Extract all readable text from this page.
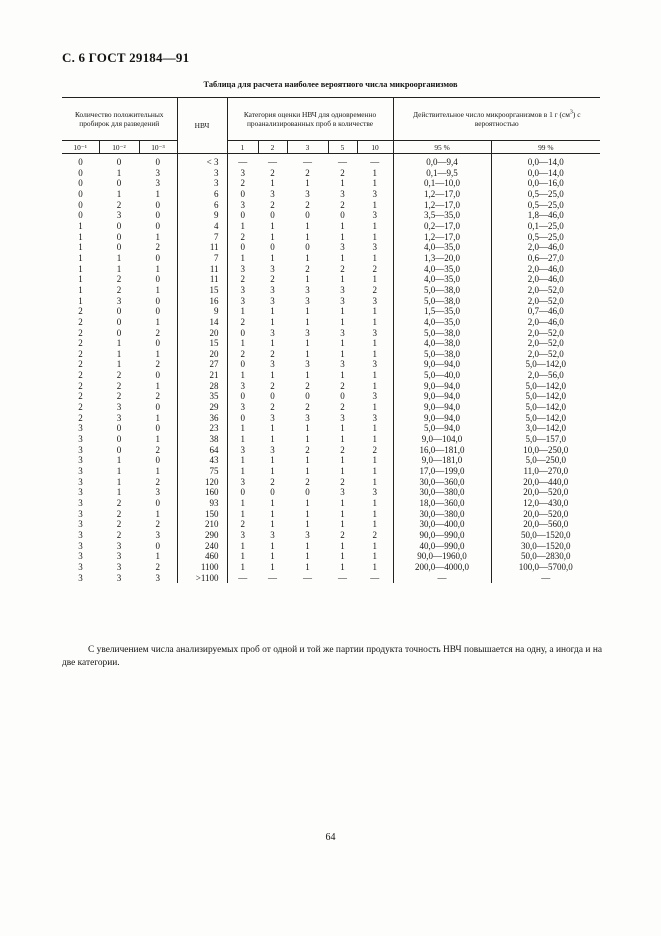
С. 6 ГОСТ 29184—91
Таблица для расчета наиболее вероятного числа микроорганизмов
Количество положительных пробирок для разведений			НВЧ	Категория оценки НВЧ для одновременно проанализированных проб в количестве					Действительное число микроорганизмов в 1 г $(см^3)$ с вероятностью	
10⁻¹	10⁻²	10⁻³		1	2	3	5	10	95 %	99 %
0	0	0	< 3	—	—	—	—	—	0,0—9,4	0,0—14,0
0	1	3	3	3	2	2	2	1	0,1—9,5	0,0—14,0
0	0	3	3	2	1	1	1	1	0,1—10,0	0,0—16,0
0	1	1	6	0	3	3	3	3	1,2—17,0	0,5—25,0
0	2	0	6	3	2	2	2	1	1,2—17,0	0,5—25,0
0	3	0	9	0	0	0	0	3	3,5—35,0	1,8—46,0
1	0	0	4	1	1	1	1	1	0,2—17,0	0,1—25,0
1	0	1	7	2	1	1	1	1	1,2—17,0	0,5—25,0
1	0	2	11	0	0	0	3	3	4,0—35,0	2,0—46,0
1	1	0	7	1	1	1	1	1	1,3—20,0	0,6—27,0
1	1	1	11	3	3	2	2	2	4,0—35,0	2,0—46,0
1	2	0	11	2	2	1	1	1	4,0—35,0	2,0—46,0
1	2	1	15	3	3	3	3	2	5,0—38,0	2,0—52,0
1	3	0	16	3	3	3	3	3	5,0—38,0	2,0—52,0
2	0	0	9	1	1	1	1	1	1,5—35,0	0,7—46,0
2	0	1	14	2	1	1	1	1	4,0—35,0	2,0—46,0
2	0	2	20	0	3	3	3	3	5,0—38,0	2,0—52,0
2	1	0	15	1	1	1	1	1	4,0—38,0	2,0—52,0
2	1	1	20	2	2	1	1	1	5,0—38,0	2,0—52,0
2	1	2	27	0	3	3	3	3	9,0—94,0	5,0—142,0
2	2	0	21	1	1	1	1	1	5,0—40,0	2,0—56,0
2	2	1	28	3	2	2	2	1	9,0—94,0	5,0—142,0
2	2	2	35	0	0	0	0	3	9,0—94,0	5,0—142,0
2	3	0	29	3	2	2	2	1	9,0—94,0	5,0—142,0
2	3	1	36	0	3	3	3	3	9,0—94,0	5,0—142,0
3	0	0	23	1	1	1	1	1	5,0—94,0	3,0—142,0
3	0	1	38	1	1	1	1	1	9,0—104,0	5,0—157,0
3	0	2	64	3	3	2	2	2	16,0—181,0	10,0—250,0
3	1	0	43	1	1	1	1	1	9,0—181,0	5,0—250,0
3	1	1	75	1	1	1	1	1	17,0—199,0	11,0—270,0
3	1	2	120	3	2	2	2	1	30,0—360,0	20,0—440,0
3	1	3	160	0	0	0	3	3	30,0—380,0	20,0—520,0
3	2	0	93	1	1	1	1	1	18,0—360,0	12,0—430,0
3	2	1	150	1	1	1	1	1	30,0—380,0	20,0—520,0
3	2	2	210	2	1	1	1	1	30,0—400,0	20,0—560,0
3	2	3	290	3	3	3	2	2	90,0—990,0	50,0—1520,0
3	3	0	240	1	1	1	1	1	40,0—990,0	30,0—1520,0
3	3	1	460	1	1	1	1	1	90,0—1960,0	50,0—2830,0
3	3	2	1100	1	1	1	1	1	200,0—4000,0	100,0—5700,0
3	3	3	>1100	—	—	—	—	—	—	—
С увеличением числа анализируемых проб от одной и той же партии продукта точность НВЧ повышается на одну, а иногда и на две категории.
64
